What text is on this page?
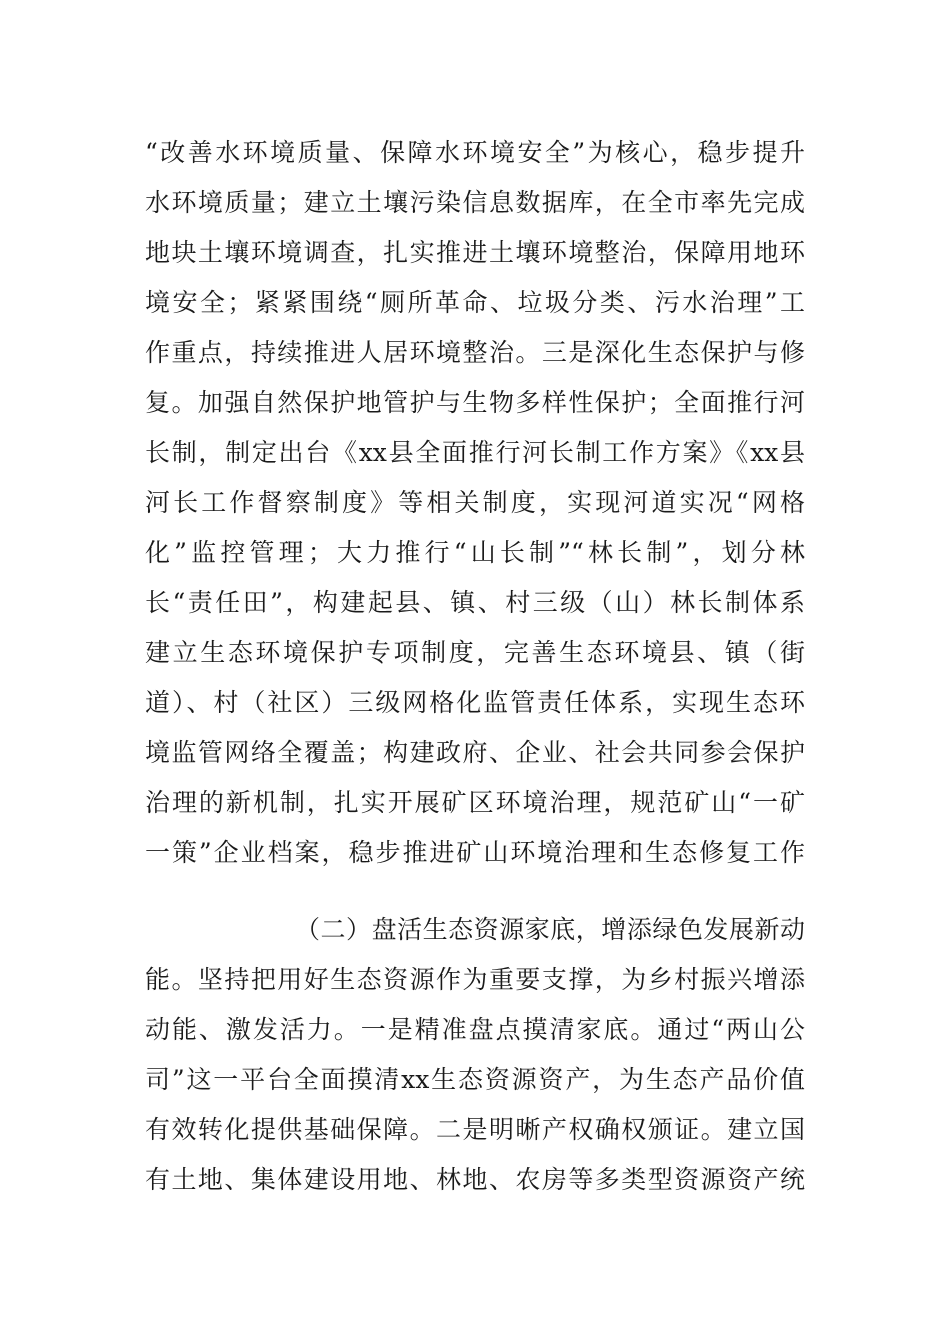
“改善水环境质量、保障水环境安全”为核心，稳步提升
水环境质量；建立土壤污染信息数据库，在全市率先完成
地块土壤环境调查，扎实推进土壤环境整治，保障用地环
境安全；紧紧围绕“厕所革命、垃圾分类、污水治理”工
作重点，持续推进人居环境整治。三是深化生态保护与修
复。加强自然保护地管护与生物多样性保护；全面推行河
长制，制定出台《xx县全面推行河长制工作方案》《xx县
河长工作督察制度》等相关制度，实现河道实况“网格
化”监控管理；大力推行“山长制”“林长制”，划分林
长“责任田”，构建起县、镇、村三级（山）林长制体系
建立生态环境保护专项制度，完善生态环境县、镇（街
道）、村（社区）三级网格化监管责任体系，实现生态环
境监管网络全覆盖；构建政府、企业、社会共同参会保护
治理的新机制，扎实开展矿区环境治理，规范矿山“一矿
一策”企业档案，稳步推进矿山环境治理和生态修复工作
（二）盘活生态资源家底，增添绿色发展新动
能。坚持把用好生态资源作为重要支撑，为乡村振兴增添
动能、激发活力。一是精准盘点摸清家底。通过“两山公
司”这一平台全面摸清xx生态资源资产，为生态产品价值
有效转化提供基础保障。二是明晰产权确权颁证。建立国
有土地、集体建设用地、林地、农房等多类型资源资产统
